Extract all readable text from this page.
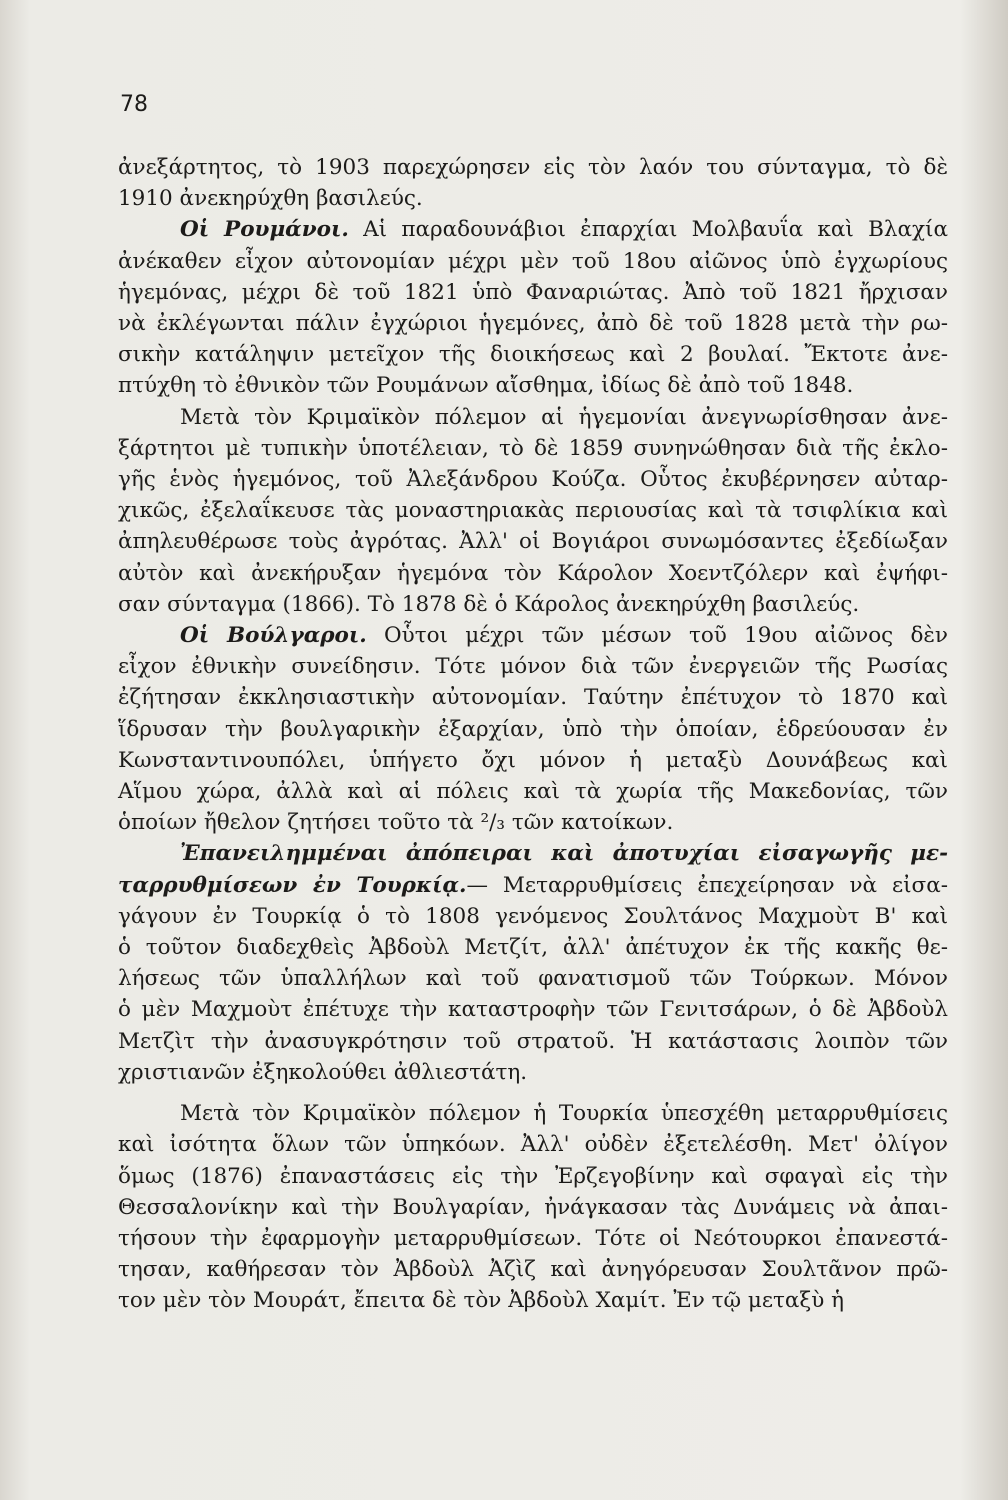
78
ἀνεξάρτητος, τὸ 1903 παρεχώρησεν εἰς τὸν λαόν του σύνταγμα, τὸ δὲ
1910 ἀνεκηρύχθη βασιλεύς.
Οἱ Ρουμάνοι. Αἱ παραδουνάβιοι ἐπαρχίαι Μολβαυΐα καὶ Βλαχία
ἀνέκαθεν εἶχον αὐτονομίαν μέχρι μὲν τοῦ 18ου αἰῶνος ὑπὸ ἐγχωρίους
ἡγεμόνας, μέχρι δὲ τοῦ 1821 ὑπὸ Φαναριώτας. Ἀπὸ τοῦ 1821 ἤρχισαν
νὰ ἐκλέγωνται πάλιν ἐγχώριοι ἡγεμόνες, ἀπὸ δὲ τοῦ 1828 μετὰ τὴν ρω-
σικὴν κατάληψιν μετεῖχον τῆς διοικήσεως καὶ 2 βουλαί. Ἔκτοτε ἀνε-
πτύχθη τὸ ἐθνικὸν τῶν Ρουμάνων αἴσθημα, ἰδίως δὲ ἀπὸ τοῦ 1848.
Μετὰ τὸν Κριμαϊκὸν πόλεμον αἱ ἡγεμονίαι ἀνεγνωρίσθησαν ἀνε-
ξάρτητοι μὲ τυπικὴν ὑποτέλειαν, τὸ δὲ 1859 συνηνώθησαν διὰ τῆς ἐκλο-
γῆς ἑνὸς ἡγεμόνος, τοῦ Ἀλεξάνδρου Κούζα. Οὗτος ἐκυβέρνησεν αὐταρ-
χικῶς, ἐξελαΐκευσε τὰς μοναστηριακὰς περιουσίας καὶ τὰ τσιφλίκια καὶ
ἀπηλευθέρωσε τοὺς ἀγρότας. Ἀλλ' οἱ Βογιάροι συνωμόσαντες ἐξεδίωξαν
αὐτὸν καὶ ἀνεκήρυξαν ἡγεμόνα τὸν Κάρολον Χοεντζόλερν καὶ ἐψήφι-
σαν σύνταγμα (1866). Τὸ 1878 δὲ ὁ Κάρολος ἀνεκηρύχθη βασιλεύς.
Οἱ Βούλγαροι. Οὗτοι μέχρι τῶν μέσων τοῦ 19ου αἰῶνος δὲν
εἶχον ἐθνικὴν συνείδησιν. Τότε μόνον διὰ τῶν ἐνεργειῶν τῆς Ρωσίας
ἐζήτησαν ἐκκλησιαστικὴν αὐτονομίαν. Ταύτην ἐπέτυχον τὸ 1870 καὶ
ἵδρυσαν τὴν βουλγαρικὴν ἐξαρχίαν, ὑπὸ τὴν ὁποίαν, ἑδρεύουσαν ἐν
Κωνσταντινουπόλει, ὑπήγετο ὄχι μόνον ἡ μεταξὺ Δουνάβεως καὶ
Αἵμου χώρα, ἀλλὰ καὶ αἱ πόλεις καὶ τὰ χωρία τῆς Μακεδονίας, τῶν
ὁποίων ἤθελον ζητήσει τοῦτο τὰ ²/₃ τῶν κατοίκων.
Ἐπανειλημμέναι ἀπόπειραι καὶ ἀποτυχίαι εἰσαγωγῆς με-
ταρρυθμίσεων ἐν Τουρκίᾳ.— Μεταρρυθμίσεις ἐπεχείρησαν νὰ εἰσα-
γάγουν ἐν Τουρκίᾳ ὁ τὸ 1808 γενόμενος Σουλτάνος Μαχμοὺτ Β' καὶ
ὁ τοῦτον διαδεχθεὶς Ἀβδοὺλ Μετζίτ, ἀλλ' ἀπέτυχον ἐκ τῆς κακῆς θε-
λήσεως τῶν ὑπαλλήλων καὶ τοῦ φανατισμοῦ τῶν Τούρκων. Μόνον
ὁ μὲν Μαχμοὺτ ἐπέτυχε τὴν καταστροφὴν τῶν Γενιτσάρων, ὁ δὲ Ἀβδοὺλ
Μετζὶτ τὴν ἀνασυγκρότησιν τοῦ στρατοῦ. Ἡ κατάστασις λοιπὸν τῶν
χριστιανῶν ἐξηκολούθει ἀθλιεστάτη.
Μετὰ τὸν Κριμαϊκὸν πόλεμον ἡ Τουρκία ὑπεσχέθη μεταρρυθμίσεις
καὶ ἰσότητα ὅλων τῶν ὑπηκόων. Ἀλλ' οὐδὲν ἐξετελέσθη. Μετ' ὀλίγον
ὅμως (1876) ἐπαναστάσεις εἰς τὴν Ἐρζεγοβίνην καὶ σφαγαὶ εἰς τὴν
Θεσσαλονίκην καὶ τὴν Βουλγαρίαν, ἠνάγκασαν τὰς Δυνάμεις νὰ ἀπαι-
τήσουν τὴν ἐφαρμογὴν μεταρρυθμίσεων. Τότε οἱ Νεότουρκοι ἐπανεστά-
τησαν, καθήρεσαν τὸν Ἀβδοὺλ Ἀζὶζ καὶ ἀνηγόρευσαν Σουλτᾶνον πρῶ-
τον μὲν τὸν Μουράτ, ἔπειτα δὲ τὸν Ἀβδοὺλ Χαμίτ. Ἐν τῷ μεταξὺ ἡ
